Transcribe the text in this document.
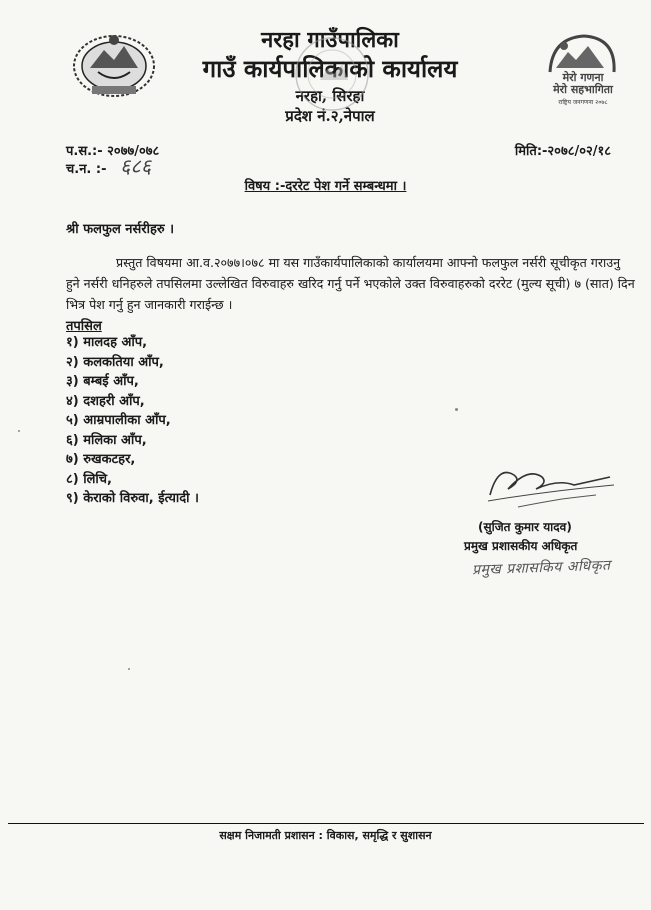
नरहा गाउँपालिका
गाउँ कार्यपालिकाको कार्यालय
नरहा, सिरहा
प्रदेश नं.२,नेपाल
मेरो गणना
मेरो सहभागिता
राष्ट्रिय जनगणना २०७८
प.स.:- २०७७/०७८
च.न. :- ६८६
मिति:-२०७८/०२/१८
विषय :-दररेट पेश गर्ने सम्बन्धमा ।
श्री फलफुल नर्सरीहरु ।
प्रस्तुत विषयमा आ.व.२०७७।०७८ मा यस गाउँकार्यपालिकाको कार्यालयमा आफ्नो फलफुल नर्सरी सूचीकृत गराउनु हुने नर्सरी धनिहरुले तपसिलमा उल्लेखित विरुवाहरु खरिद गर्नु पर्ने भएकोले उक्त विरुवाहरुको दररेट (मुल्य सूची) ७ (सात) दिन भित्र पेश गर्नु हुन जानकारी गराईन्छ ।
तपसिल
१) मालदह आँप,
२) कलकतिया आँप,
३) बम्बई आँप,
४) दशहरी आँप,
५) आम्रपालीका आँप,
६) मलिका आँप,
७) रुखकटहर,
८) लिचि,
९) केराको विरुवा, ईत्यादी ।
(सुजित कुमार यादव)
प्रमुख प्रशासकीय अधिकृत
प्रमुख प्रशासकिय अधिकृत
सक्षम निजामती प्रशासन : विकास, समृद्धि र सुशासन
